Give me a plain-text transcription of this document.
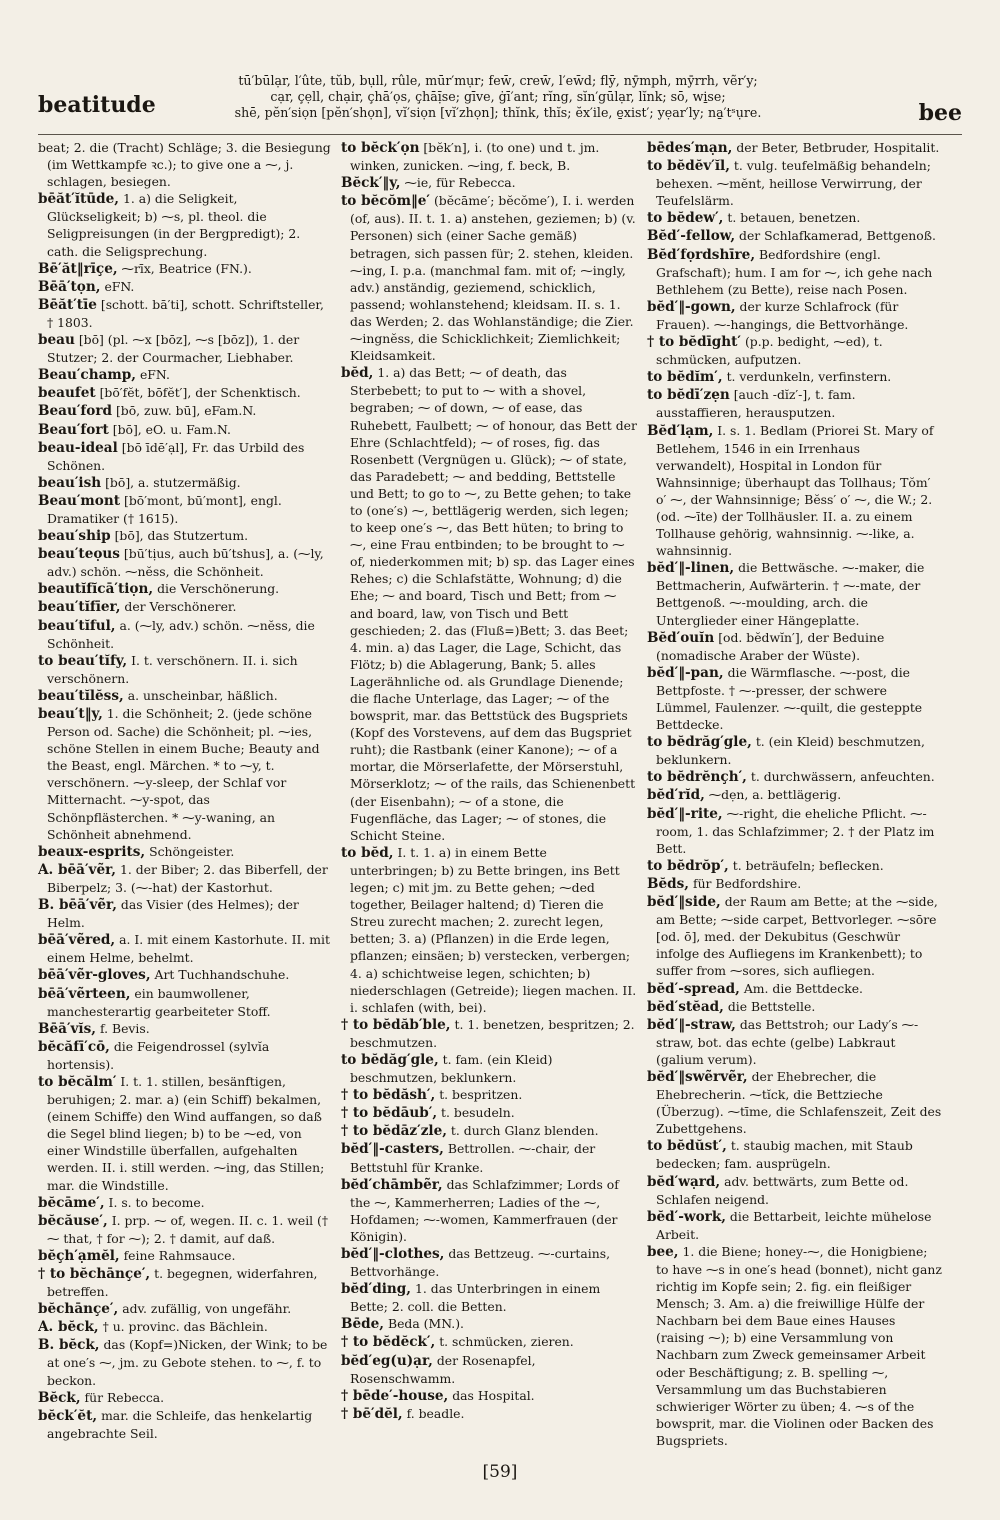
beatitude
tū′būlạr, l′ûte, tŭb, bụll, rûle, mūr′mụr; few̄, crew̄, l′ew̄d; flȳ, nӯmph, mӯrrh, vẽr′y;
cạr, çẹll, chạir, çhā′ọs, çhāị̄se; gīve, ġī′ant; rĭng, sĭn′gūlạr, lĭnk; sō, wi̱se;
shē, pĕn′siọn [pĕn′shọn], vĭ′siọn [vĭ′zhọn]; thĭnk, thĭs; ĕx′ile, e̱xist′; yẹar′ly; na̱′tˢụre.	bee

beat; 2. die (Tracht) Schläge; 3. die Besiegung (im Wettkampfe ꝛc.); to give one a ⁓, j. schlagen, besiegen.

bēăt′ĭtūde, 1. a) die Seligkeit, Glückseligkeit; b) ⁓s, pl. theol. die Seligpreisungen (in der Bergpredigt); 2. cath. die Seligsprechung.

Bē′ăt‖rīçe, ⁓rīx, Beatrice (FN.).

Bēā′tọn, eFN.

Bēăt′tīe [schott. bā′ti], schott. Schriftsteller, † 1803.

beau [bō] (pl. ⁓x [bōz], ⁓s [bōz]), 1. der Stutzer; 2. der Courmacher, Liebhaber.

Beau′champ, eFN.

beaufet [bō′fĕt, bōfĕt′], der Schenktisch.

Beau′ford [bō, zuw. bū], eFam.N.

Beau′fort [bō], eO. u. Fam.N.

beau-ideal [bō īdē′ạl], Fr. das Urbild des Schönen.

beau′ish [bō], a. stutzermäßig.

Beau′mont [bō′mont, bū′mont], engl. Dramatiker († 1615).

beau′ship [bō], das Stutzertum.

beau′teọus [bū′tịus, auch bū′tshus], a. (⁓ly, adv.) schön. ⁓nĕss, die Schönheit.

beautĭfĭcā′tiọn, die Verschönerung.

beau′tĭfīer, der Verschönerer.

beau′tĭful, a. (⁓ly, adv.) schön. ⁓nĕss, die Schönheit.

to beau′tĭfy, I. t. verschönern. II. i. sich verschönern.

beau′tĭlĕss, a. unscheinbar, häßlich.

beau′t‖y, 1. die Schönheit; 2. (jede schöne Person od. Sache) die Schönheit; pl. ⁓ies, schöne Stellen in einem Buche; Beauty and the Beast, engl. Märchen. * to ⁓y, t. verschönern. ⁓y-sleep, der Schlaf vor Mitternacht. ⁓y-spot, das Schönpflästerchen. * ⁓y-waning, an Schönheit abnehmend.

beaux-esprits, Schöngeister.

A. bēā′vẽr, 1. der Biber; 2. das Biberfell, der Biberpelz; 3. (⁓-hat) der Kastorhut.

B. bēā′vẽr, das Visier (des Helmes); der Helm.

bēā′vẽred, a. I. mit einem Kastorhute. II. mit einem Helme, behelmt.

bēā′vẽr-gloves, Art Tuchhandschuhe.

bēā′vẽrteen, ein baumwollener, manchesterartig gearbeiteter Stoff.

Bēā′vĭs, f. Bevis.

bĕcăfī′cō, die Feigendrossel (sylvĭa hortensis).

to bĕcălm′ I. t. 1. stillen, besänftigen, beruhigen; 2. mar. a) (ein Schiff) bekalmen, (einem Schiffe) den Wind auffangen, so daß die Segel blind liegen; b) to be ⁓ed, von einer Windstille überfallen, aufgehalten werden. II. i. still werden. ⁓ing, das Stillen; mar. die Windstille.

bĕcāme′, I. s. to become.

bĕcăuse′, I. prp. ⁓ of, wegen. II. c. 1. weil († ⁓ that, † for ⁓); 2. † damit, auf daß.

bĕçh′ạmĕl, feine Rahmsauce.

† to bĕchānçe′, t. begegnen, widerfahren, betreffen.

bĕchānçe′, adv. zufällig, von ungefähr.

A. bĕck, † u. provinc. das Bächlein.

B. bĕck, das (Kopf=)Nicken, der Wink; to be at one′s ⁓, jm. zu Gebote stehen. to ⁓, f. to beckon.

Bĕck, für Rebecca.

bĕck′ĕt, mar. die Schleife, das henkelartig angebrachte Seil.

to bĕck′ọn [bĕk′n], i. (to one) und t. jm. winken, zunicken. ⁓ing, f. beck, B.

Bĕck′‖y, ⁓ie, für Rebecca.

to bĕcŏm‖e′ (bĕcāme′; bĕcŏme′), I. i. werden (of, aus). II. t. 1. a) anstehen, geziemen; b) (v. Personen) sich (einer Sache gemäß) betragen, sich passen für; 2. stehen, kleiden. ⁓ing, I. p.a. (manchmal fam. mit of; ⁓ingly, adv.) anständig, geziemend, schicklich, passend; wohlanstehend; kleidsam. II. s. 1. das Werden; 2. das Wohlanständige; die Zier. ⁓ingnĕss, die Schicklichkeit; Ziemlichkeit; Kleidsamkeit.

bĕd, 1. a) das Bett; ⁓ of death, das Sterbebett; to put to ⁓ with a shovel, begraben; ⁓ of down, ⁓ of ease, das Ruhebett, Faulbett; ⁓ of honour, das Bett der Ehre (Schlachtfeld); ⁓ of roses, fig. das Rosenbett (Vergnügen u. Glück); ⁓ of state, das Paradebett; ⁓ and bedding, Bettstelle und Bett; to go to ⁓, zu Bette gehen; to take to (one′s) ⁓, bettlägerig werden, sich legen; to keep one′s ⁓, das Bett hüten; to bring to ⁓, eine Frau entbinden; to be brought to ⁓ of, niederkommen mit; b) sp. das Lager eines Rehes; c) die Schlafstätte, Wohnung; d) die Ehe; ⁓ and board, Tisch und Bett; from ⁓ and board, law, von Tisch und Bett geschieden; 2. das (Fluß=)Bett; 3. das Beet; 4. min. a) das Lager, die Lage, Schicht, das Flötz; b) die Ablagerung, Bank; 5. alles Lagerähnliche od. als Grundlage Dienende; die flache Unterlage, das Lager; ⁓ of the bowsprit, mar. das Bettstück des Bugspriets (Kopf des Vorstevens, auf dem das Bugspriet ruht); die Rastbank (einer Kanone); ⁓ of a mortar, die Mörserlafette, der Mörserstuhl, Mörserklotz; ⁓ of the rails, das Schienenbett (der Eisenbahn); ⁓ of a stone, die Fugenfläche, das Lager; ⁓ of stones, die Schicht Steine.

to bĕd, I. t. 1. a) in einem Bette unterbringen; b) zu Bette bringen, ins Bett legen; c) mit jm. zu Bette gehen; ⁓ded together, Beilager haltend; d) Tieren die Streu zurecht machen; 2. zurecht legen, betten; 3. a) (Pflanzen) in die Erde legen, pflanzen; einsäen; b) verstecken, verbergen; 4. a) schichtweise legen, schichten; b) niederschlagen (Getreide); liegen machen. II. i. schlafen (with, bei).

† to bĕdăb′ble, t. 1. benetzen, bespritzen; 2. beschmutzen.

to bĕdăg′gle, t. fam. (ein Kleid) beschmutzen, beklunkern.

† to bĕdăsh′, t. bespritzen.

† to bĕdāub′, t. besudeln.

† to bĕdāz′zle, t. durch Glanz blenden.

bĕd′‖-casters, Bettrollen. ⁓-chair, der Bettstuhl für Kranke.

bĕd′chāmbẽr, das Schlafzimmer; Lords of the ⁓, Kammerherren; Ladies of the ⁓, Hofdamen; ⁓-women, Kammerfrauen (der Königin).

bĕd′‖-clothes, das Bettzeug. ⁓-curtains, Bettvorhänge.

bĕd′ding, 1. das Unterbringen in einem Bette; 2. coll. die Betten.

Bēde, Beda (MN.).

† to bĕdĕck′, t. schmücken, zieren.

bĕd′eg(u)ạr, der Rosenapfel, Rosenschwamm.

† bēde′-house, das Hospital.

† bē′dĕl, f. beadle.

bēdes′mạn, der Beter, Betbruder, Hospitalit.

to bĕdĕv′ĭl, t. vulg. teufelmäßig behandeln; behexen. ⁓mĕnt, heillose Verwirrung, der Teufelslärm.

to bĕdew′, t. betauen, benetzen.

Bĕd′-fellow, der Schlafkamerad, Bettgenoß.

Bĕd′fọrdshīre, Bedfordshire (engl. Grafschaft); hum. I am for ⁓, ich gehe nach Bethlehem (zu Bette), reise nach Posen.

bĕd′‖-gown, der kurze Schlafrock (für Frauen). ⁓-hangings, die Bettvorhänge.

† to bĕdīght′ (p.p. bedight, ⁓ed), t. schmücken, aufputzen.

to bĕdĭm′, t. verdunkeln, verfinstern.

to bĕdī′zẹn [auch -dĭz′-], t. fam. ausstaffieren, herausputzen.

Bĕd′lạm, I. s. 1. Bedlam (Priorei St. Mary of Betlehem, 1546 in ein Irrenhaus verwandelt), Hospital in London für Wahnsinnige; überhaupt das Tollhaus; Tŏm′ o′ ⁓, der Wahnsinnige; Bĕss′ o′ ⁓, die W.; 2. (od. ⁓īte) der Tollhäusler. II. a. zu einem Tollhause gehörig, wahnsinnig. ⁓-like, a. wahnsinnig.

bĕd′‖-linen, die Bettwäsche. ⁓-maker, die Bettmacherin, Aufwärterin. † ⁓-mate, der Bettgenoß. ⁓-moulding, arch. die Unterglieder einer Hängeplatte.

Bĕd′ouĭn [od. bĕdwĭn′], der Beduine (nomadische Araber der Wüste).

bĕd′‖-pan, die Wärmflasche. ⁓-post, die Bettpfoste. † ⁓-presser, der schwere Lümmel, Faulenzer. ⁓-quilt, die gesteppte Bettdecke.

to bĕdrăg′gle, t. (ein Kleid) beschmutzen, beklunkern.

to bĕdrĕnçh′, t. durchwässern, anfeuchten.

bĕd′rĭd, ⁓dẹn, a. bettlägerig.

bĕd′‖-rite, ⁓-right, die eheliche Pflicht. ⁓-room, 1. das Schlafzimmer; 2. † der Platz im Bett.

to bĕdrŏp′, t. beträufeln; beflecken.

Bĕds, für Bedfordshire.

bĕd′‖side, der Raum am Bette; at the ⁓side, am Bette; ⁓side carpet, Bettvorleger. ⁓sōre [od. ō], med. der Dekubitus (Geschwür infolge des Aufliegens im Krankenbett); to suffer from ⁓sores, sich aufliegen.

bĕd′-spread, Am. die Bettdecke.

bĕd′stĕad, die Bettstelle.

bĕd′‖-straw, das Bettstroh; our Lady′s ⁓-straw, bot. das echte (gelbe) Labkraut (galium verum).

bĕd′‖swẽrvẽr, der Ehebrecher, die Ehebrecherin. ⁓tĭck, die Bettzieche (Überzug). ⁓tīme, die Schlafenszeit, Zeit des Zubettgehens.

to bĕdŭst′, t. staubig machen, mit Staub bedecken; fam. ausprügeln.

bĕd′wạrd, adv. bettwärts, zum Bette od. Schlafen neigend.

bĕd′-work, die Bettarbeit, leichte mühelose Arbeit.

bee, 1. die Biene; honey-⁓, die Honigbiene; to have ⁓s in one′s head (bonnet), nicht ganz richtig im Kopfe sein; 2. fig. ein fleißiger Mensch; 3. Am. a) die freiwillige Hülfe der Nachbarn bei dem Baue eines Hauses (raising ⁓); b) eine Versammlung von Nachbarn zum Zweck gemeinsamer Arbeit oder Beschäftigung; z. B. spelling ⁓, Versammlung um das Buchstabieren schwieriger Wörter zu üben; 4. ⁓s of the bowsprit, mar. die Violinen oder Backen des Bugspriets.

[59]
